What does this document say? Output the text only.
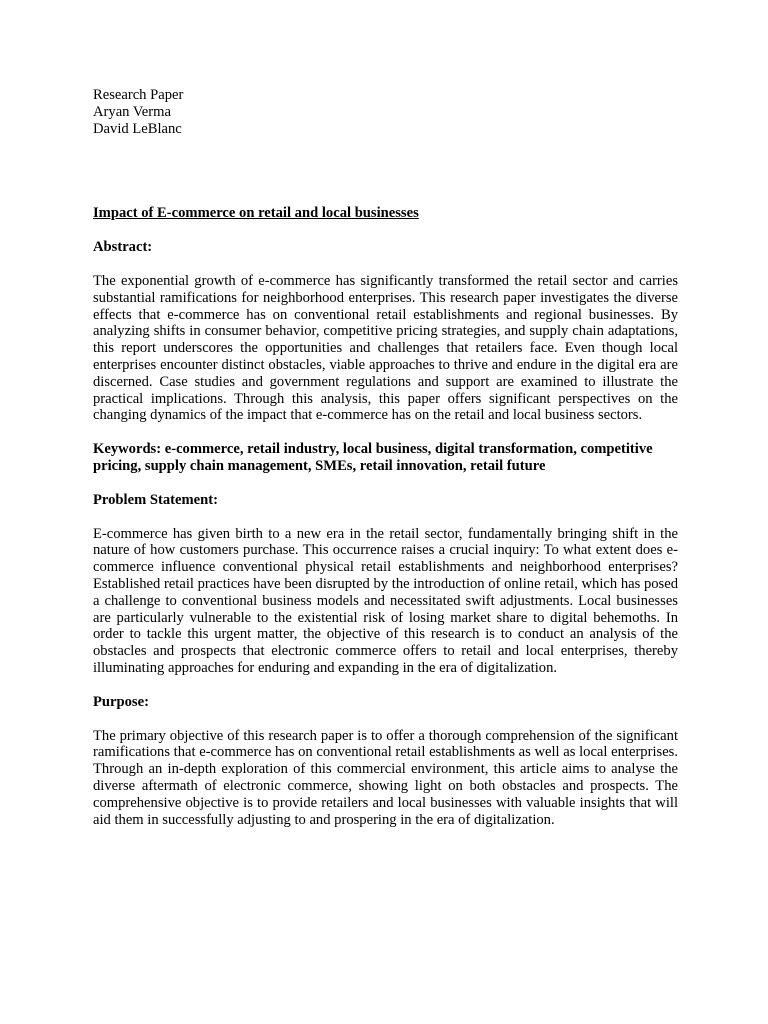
Research Paper
Aryan Verma
David LeBlanc

Impact of E-commerce on retail and local businesses

Abstract:

The exponential growth of e-commerce has significantly transformed the retail sector and carries substantial ramifications for neighborhood enterprises. This research paper investigates the diverse effects that e-commerce has on conventional retail establishments and regional businesses. By analyzing shifts in consumer behavior, competitive pricing strategies, and supply chain adaptations, this report underscores the opportunities and challenges that retailers face. Even though local enterprises encounter distinct obstacles, viable approaches to thrive and endure in the digital era are discerned. Case studies and government regulations and support are examined to illustrate the practical implications. Through this analysis, this paper offers significant perspectives on the changing dynamics of the impact that e-commerce has on the retail and local business sectors.

Keywords: e-commerce, retail industry, local business, digital transformation, competitive pricing, supply chain management, SMEs, retail innovation, retail future

Problem Statement:

E-commerce has given birth to a new era in the retail sector, fundamentally bringing shift in the nature of how customers purchase. This occurrence raises a crucial inquiry: To what extent does e-commerce influence conventional physical retail establishments and neighborhood enterprises? Established retail practices have been disrupted by the introduction of online retail, which has posed a challenge to conventional business models and necessitated swift adjustments. Local businesses are particularly vulnerable to the existential risk of losing market share to digital behemoths. In order to tackle this urgent matter, the objective of this research is to conduct an analysis of the obstacles and prospects that electronic commerce offers to retail and local enterprises, thereby illuminating approaches for enduring and expanding in the era of digitalization.

Purpose:

The primary objective of this research paper is to offer a thorough comprehension of the significant ramifications that e-commerce has on conventional retail establishments as well as local enterprises. Through an in-depth exploration of this commercial environment, this article aims to analyse the diverse aftermath of electronic commerce, showing light on both obstacles and prospects. The comprehensive objective is to provide retailers and local businesses with valuable insights that will aid them in successfully adjusting to and prospering in the era of digitalization.
